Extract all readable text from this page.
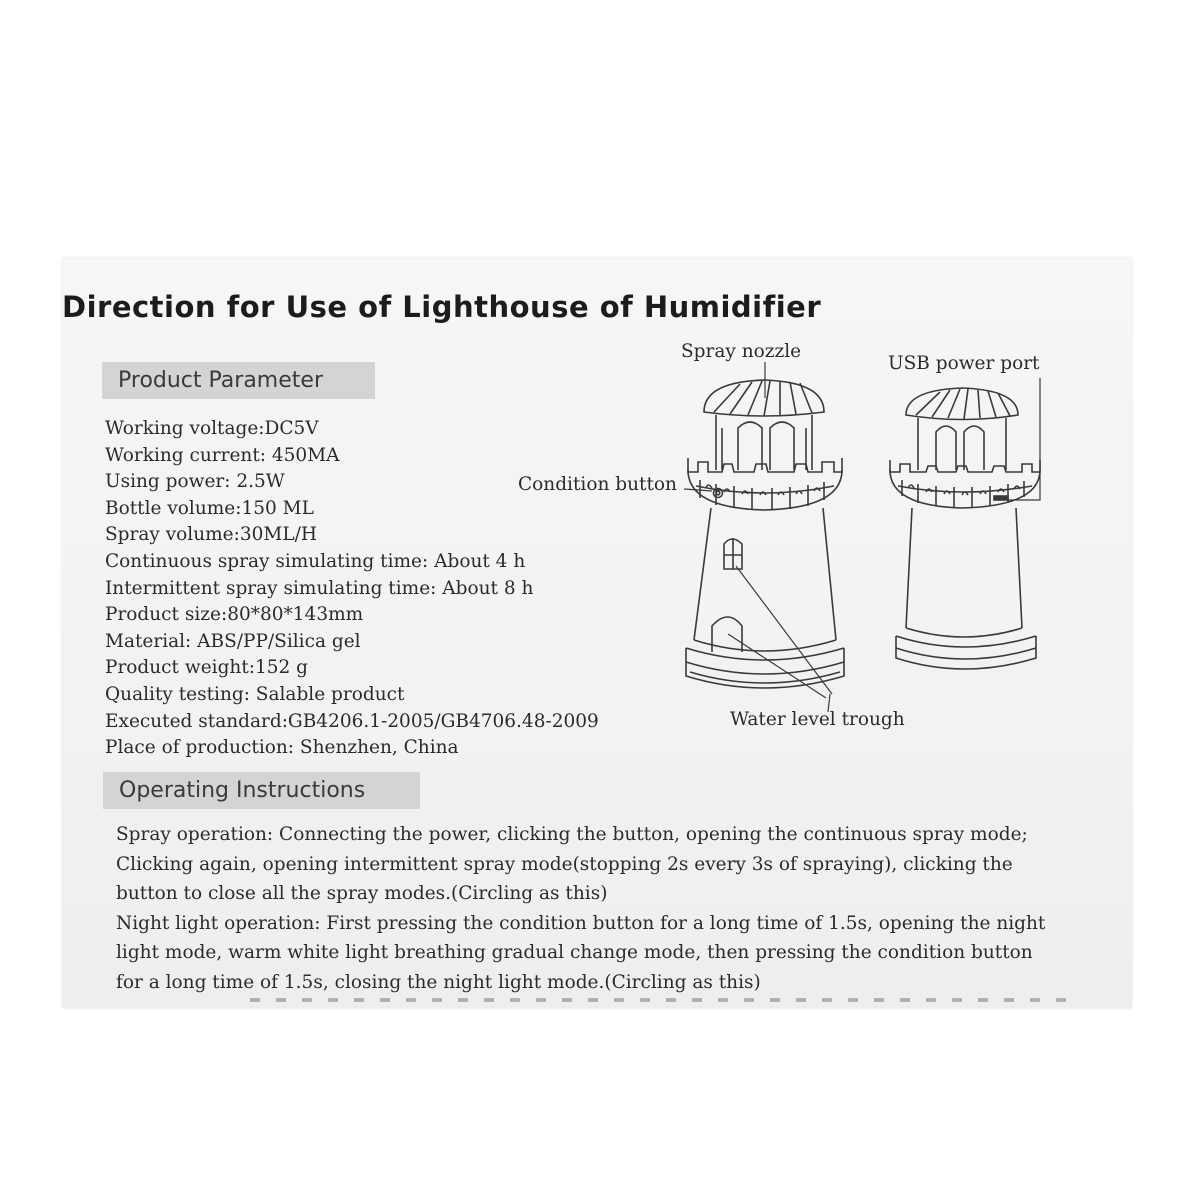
Direction for Use of Lighthouse of Humidifier
Product Parameter
Working voltage:DC5V
Working current: 450MA
Using power: 2.5W
Bottle volume:150 ML
Spray volume:30ML/H
Continuous spray simulating time: About 4 h
Intermittent spray simulating time: About 8 h
Product size:80*80*143mm
Material: ABS/PP/Silica gel
Product weight:152 g
Quality testing: Salable product
Executed standard:GB4206.1-2005/GB4706.48-2009
Place of production: Shenzhen, China
Operating Instructions
Spray operation: Connecting the power, clicking the button, opening the continuous spray mode;
Clicking again, opening intermittent spray mode(stopping 2s every 3s of spraying), clicking the
button to close all the spray modes.(Circling as this)
Night light operation: First pressing the condition button for a long time of 1.5s, opening the night
light mode, warm white light breathing gradual change mode, then pressing the condition button
for a long time of 1.5s, closing the night light mode.(Circling as this)
Spray nozzle
USB power port
Condition button
Water level trough
